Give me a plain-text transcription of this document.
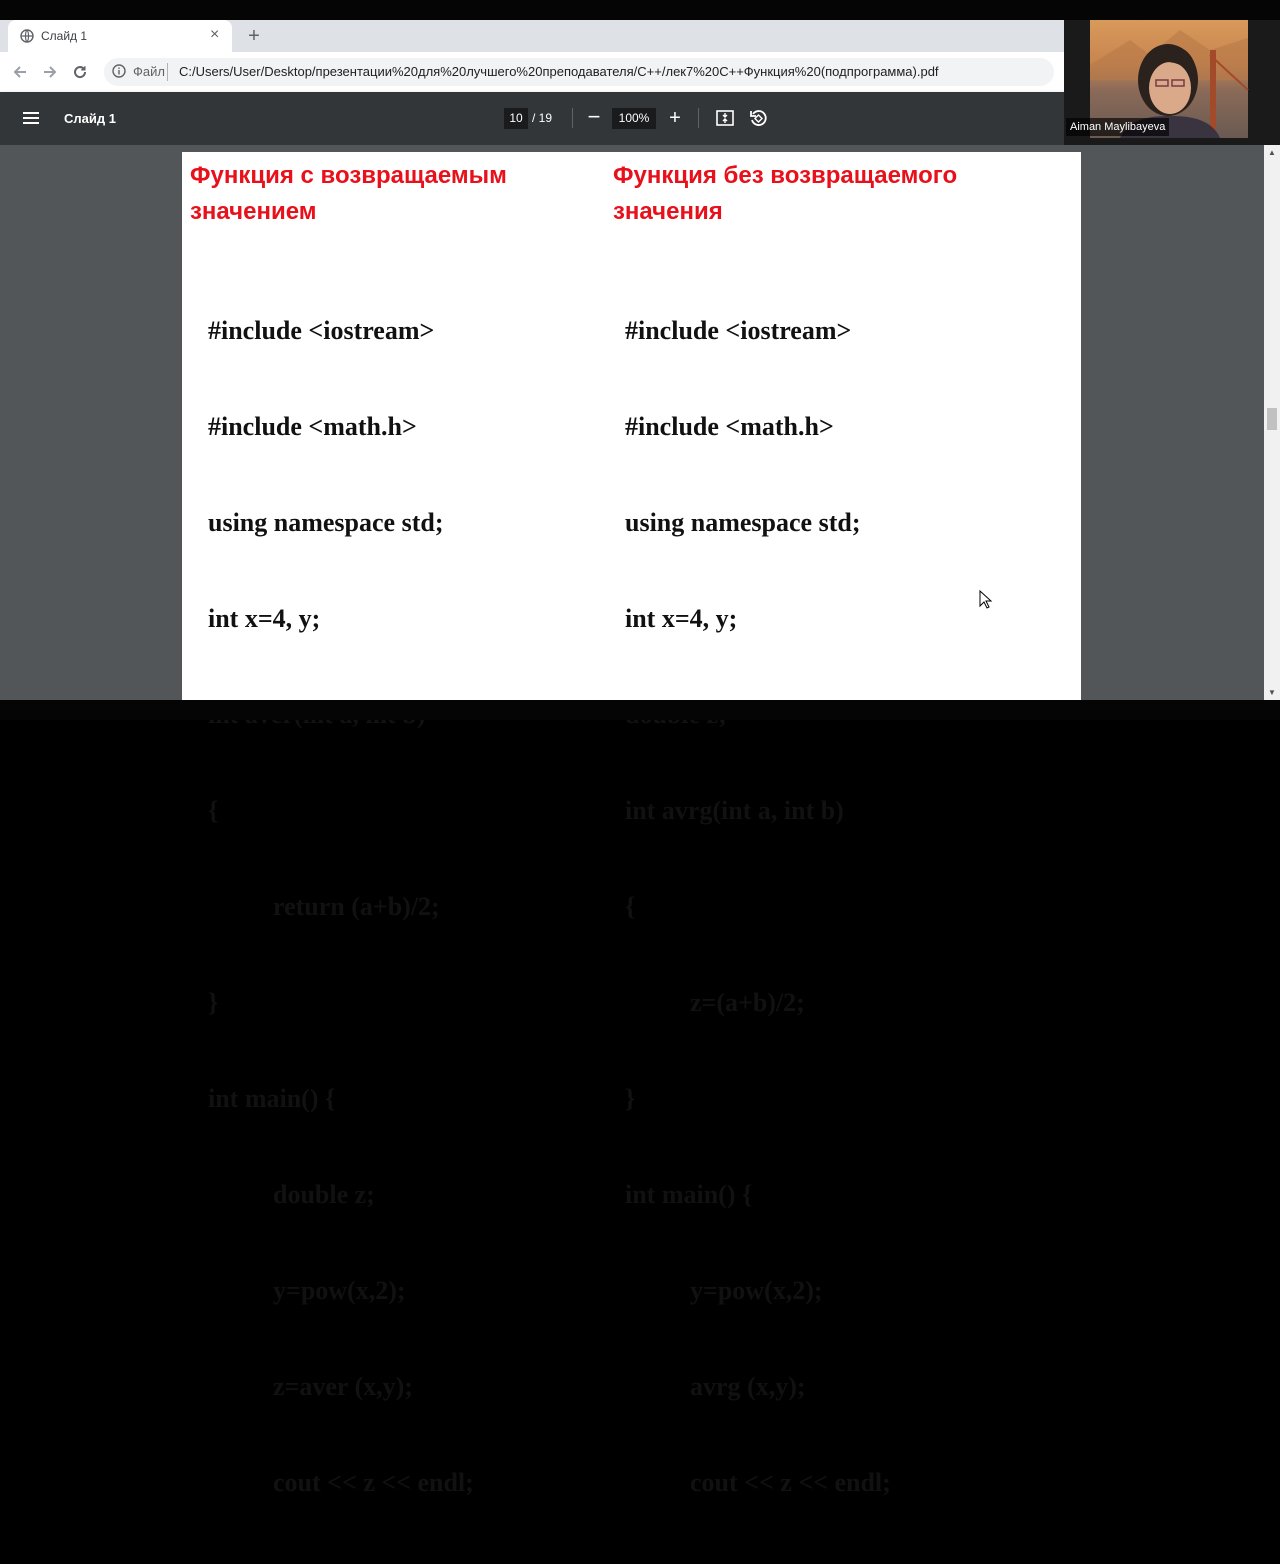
Слайд 1	× +
Файл C:/Users/User/Desktop/презентации%20для%20лучшего%20преподавателя/C++/лек7%20C++Функция%20(подпрограмма).pdf
Слайд 1	10 / 19 −	100% +
▲
▼
Функция с возвращаемым
значением
Функция без возвращаемого
значения

#include <iostream>

#include <math.h>

using namespace std;

int x=4, y;

{

return (a+b)/2;

}

int main() {

double z;

y=pow(x,2);

z=aver (x,y);

cout << z << endl;

#include <iostream>

#include <math.h>

using namespace std;

int x=4, y;

int avrg(int a, int b)

{

z=(a+b)/2;

}

int main() {

y=pow(x,2);

avrg (x,y);

cout << z << endl;

Aiman Maylibayeva
